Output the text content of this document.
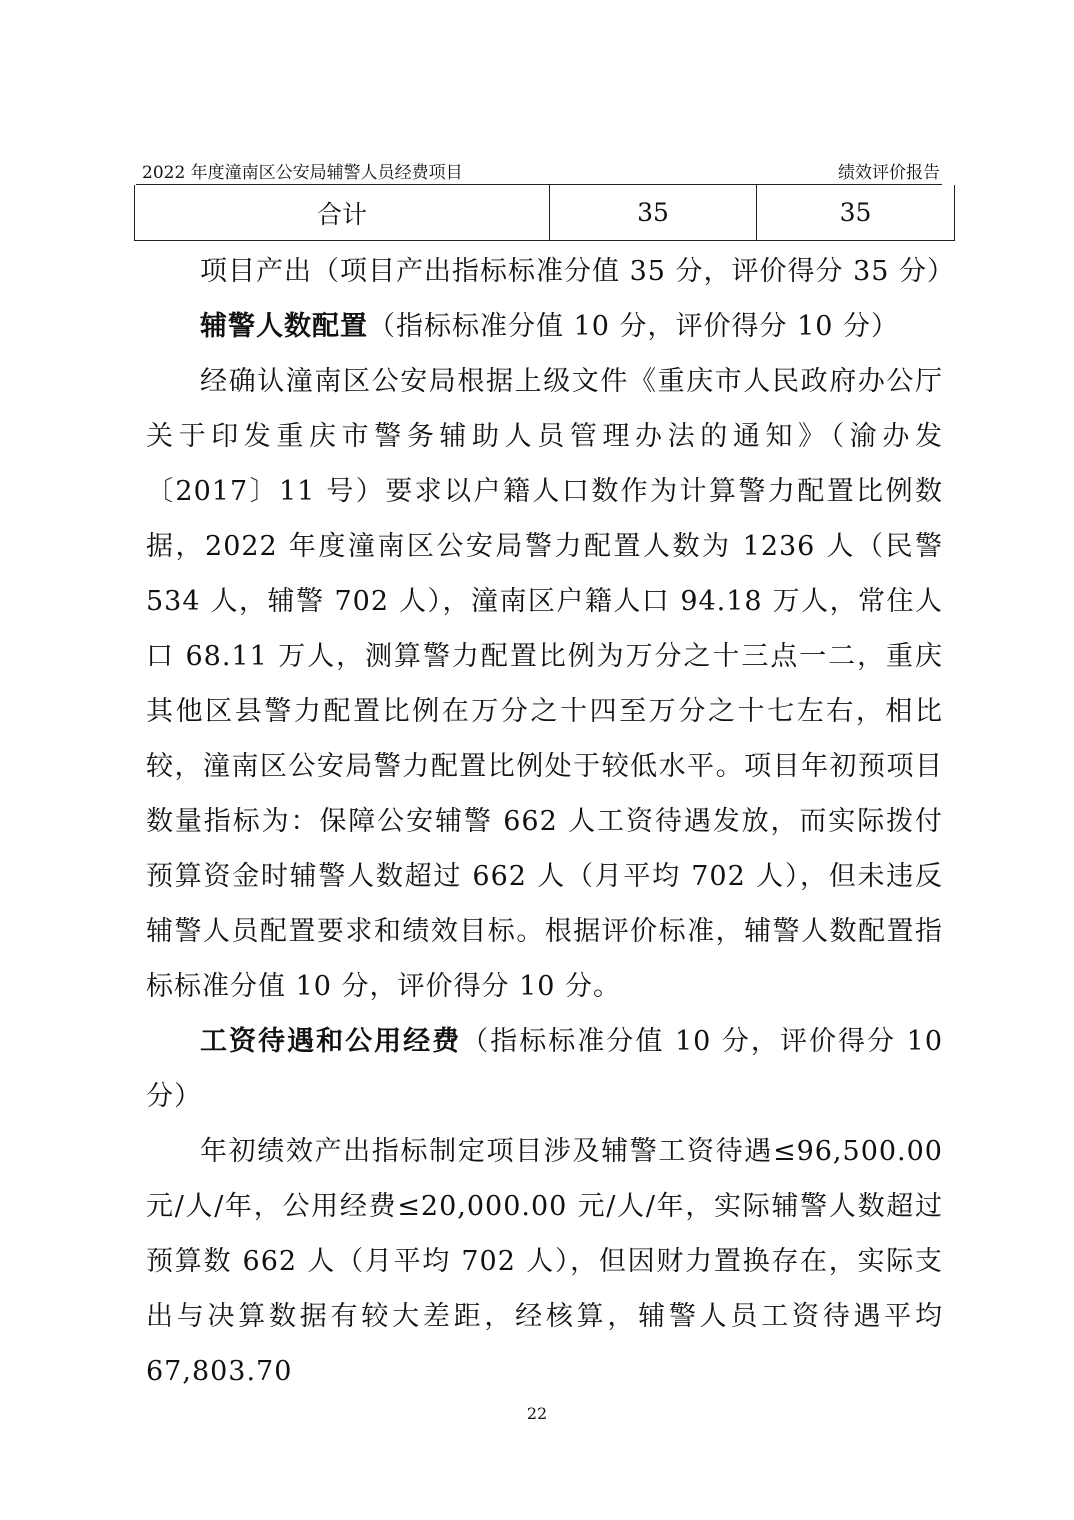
2022 年度潼南区公安局辅警人员经费项目	绩效评价报告
合计	35	35

项目产出（项目产出指标标准分值 35 分，评价得分 35 分）

辅警人数配置（指标标准分值 10 分，评价得分 10 分）

经确认潼南区公安局根据上级文件《重庆市人民政府办公厅关于印发重庆市警务辅助人员管理办法的通知》（渝办发〔2017〕11 号）要求以户籍人口数作为计算警力配置比例数据，2022 年度潼南区公安局警力配置人数为 1236 人（民警 534 人，辅警 702 人），潼南区户籍人口 94.18 万人，常住人口 68.11 万人，测算警力配置比例为万分之十三点一二，重庆其他区县警力配置比例在万分之十四至万分之十七左右，相比较，潼南区公安局警力配置比例处于较低水平。项目年初预项目数量指标为：保障公安辅警 662 人工资待遇发放，而实际拨付预算资金时辅警人数超过 662 人（月平均 702 人），但未违反辅警人员配置要求和绩效目标。根据评价标准，辅警人数配置指标标准分值 10 分，评价得分 10 分。

工资待遇和公用经费（指标标准分值 10 分，评价得分 10 分）

年初绩效产出指标制定项目涉及辅警工资待遇≤96,500.00 元/人/年，公用经费≤20,000.00 元/人/年，实际辅警人数超过预算数 662 人（月平均 702 人），但因财力置换存在，实际支出与决算数据有较大差距，经核算，辅警人员工资待遇平均 67,803.70

22
